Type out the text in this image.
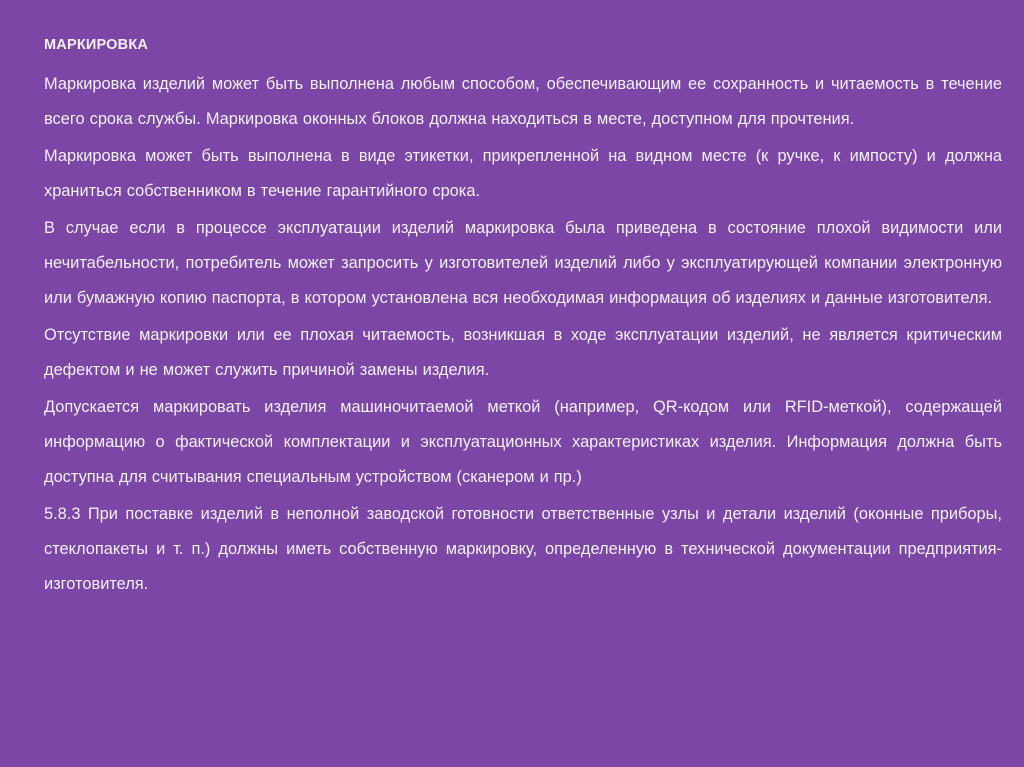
МАРКИРОВКА

Маркировка изделий может быть выполнена любым способом, обеспечивающим ее сохранность и читаемость в течение всего срока службы. Маркировка оконных блоков должна находиться в месте, доступном для прочтения.

Маркировка может быть выполнена в виде этикетки, прикрепленной на видном месте (к ручке, к импосту) и должна храниться собственником в течение гарантийного срока.

В случае если в процессе эксплуатации изделий маркировка была приведена в состояние плохой видимости или нечитабельности, потребитель может запросить у изготовителей изделий либо у эксплуатирующей компании электронную или бумажную копию паспорта, в котором установлена вся необходимая информация об изделиях и данные изготовителя.

Отсутствие маркировки или ее плохая читаемость, возникшая в ходе эксплуатации изделий, не является критическим дефектом и не может служить причиной замены изделия.

Допускается маркировать изделия машиночитаемой меткой (например, QR-кодом или RFID-меткой), содержащей информацию о фактической комплектации и эксплуатационных характеристиках изделия. Информация должна быть доступна для считывания специальным устройством (сканером и пр.)

5.8.3 При поставке изделий в неполной заводской готовности ответственные узлы и детали изделий (оконные приборы, стеклопакеты и т. п.) должны иметь собственную маркировку, определенную в технической документации предприятия-изготовителя.
